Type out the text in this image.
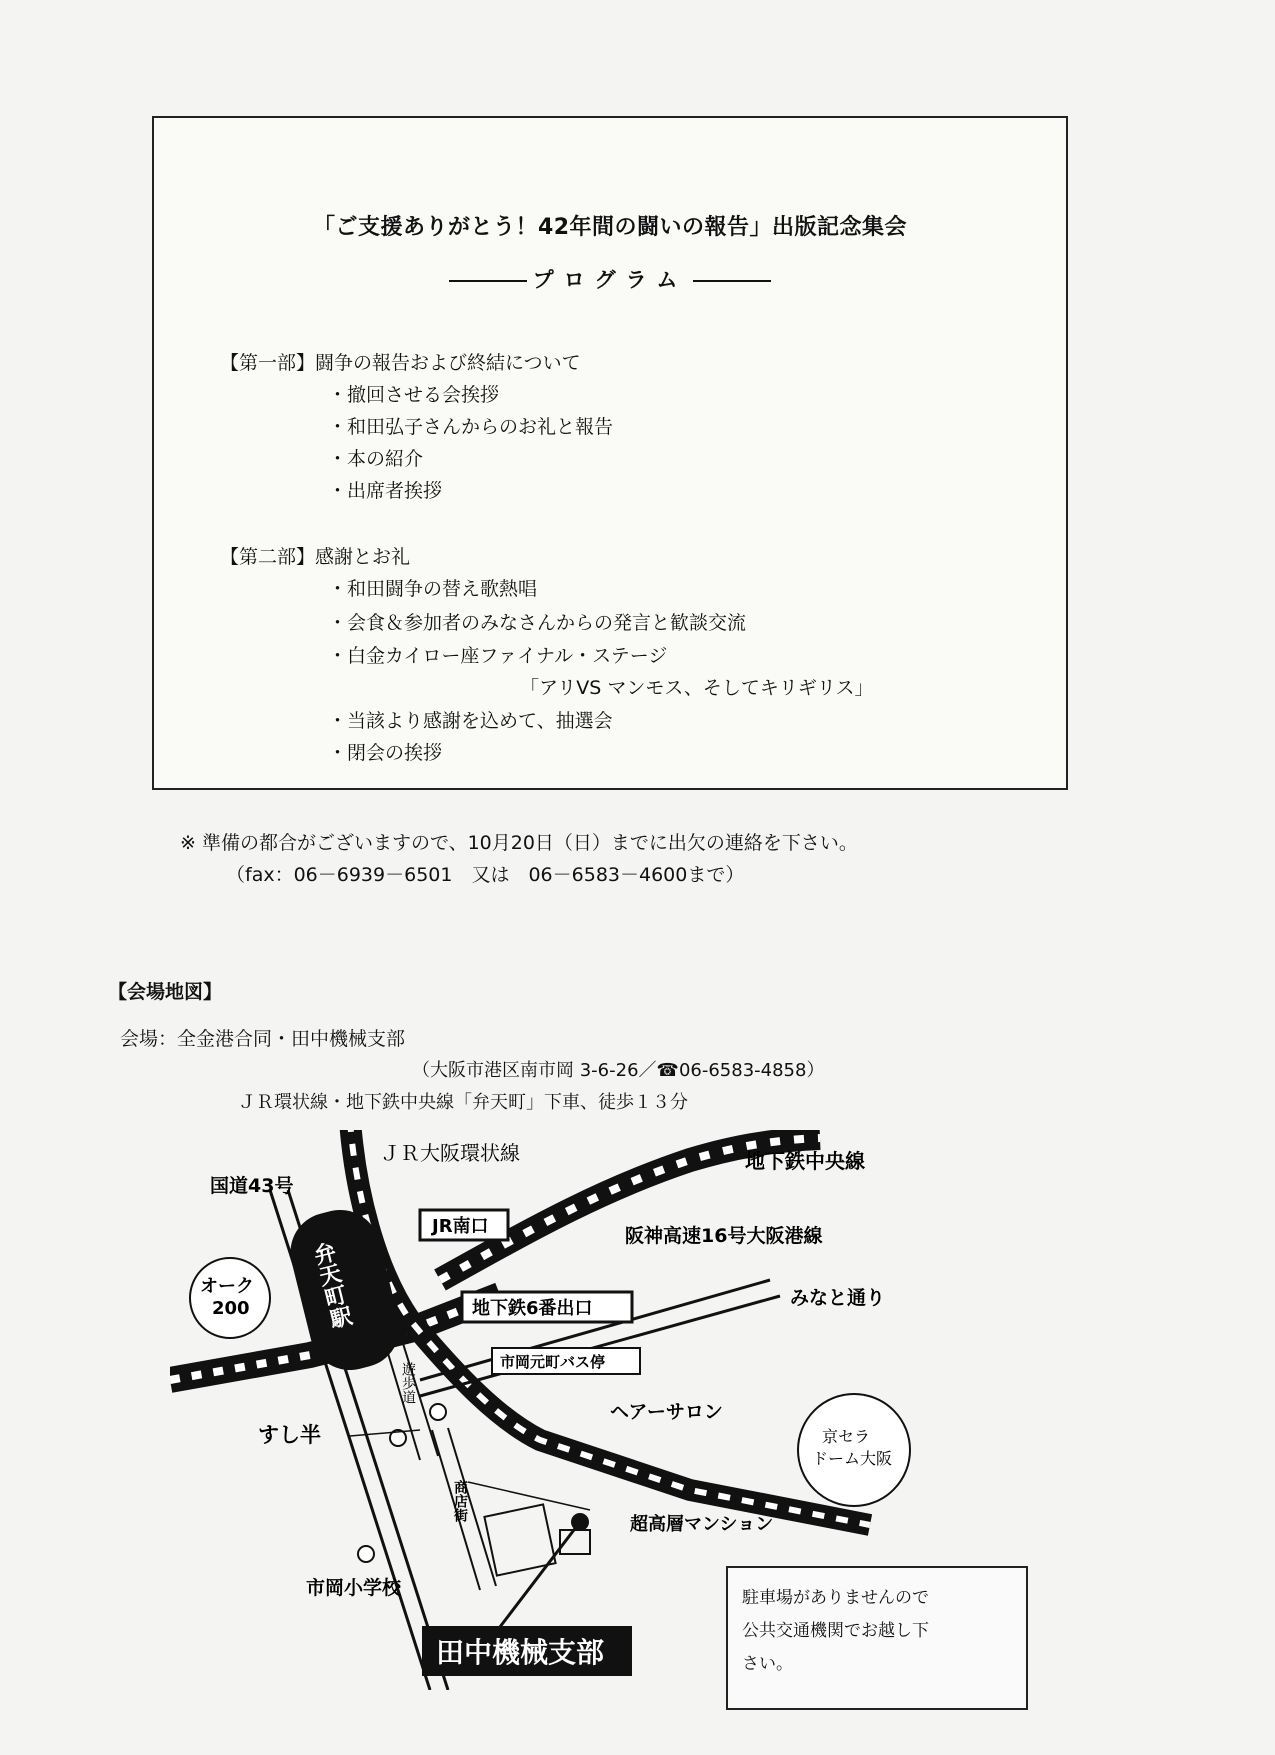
「ご支援ありがとう！42年間の闘いの報告」出版記念集会
プログラム
【第一部】闘争の報告および終結について
・撤回させる会挨拶
・和田弘子さんからのお礼と報告
・本の紹介
・出席者挨拶
【第二部】感謝とお礼
・和田闘争の替え歌熱唱
・会食＆参加者のみなさんからの発言と歓談交流
・白金カイロー座ファイナル・ステージ
「アリVS マンモス、そしてキリギリス」
・当該より感謝を込めて、抽選会
・閉会の挨拶
※ 準備の都合がございますので、10月20日（日）までに出欠の連絡を下さい。
（fax：06－6939－6501　又は　06－6583－4600まで）
【会場地図】
会場：全金港合同・田中機械支部
（大阪市港区南市岡 3-6-26／☎06-6583-4858）
ＪＲ環状線・地下鉄中央線「弁天町」下車、徒歩１３分
ＪＲ大阪環状線	地下鉄中央線
国道43号
弁天町駅
JR南口	阪神高速16号大阪港線
オーク
200	地下鉄6番出口	みなと通り
市岡元町バス停
遊歩道
すし半
ヘアーサロン
京セラ
ドーム大阪
商店街
超高層マンション
市岡小学校
田中機械支部
駐車場がありませんので
公共交通機関でお越し下
さい。
